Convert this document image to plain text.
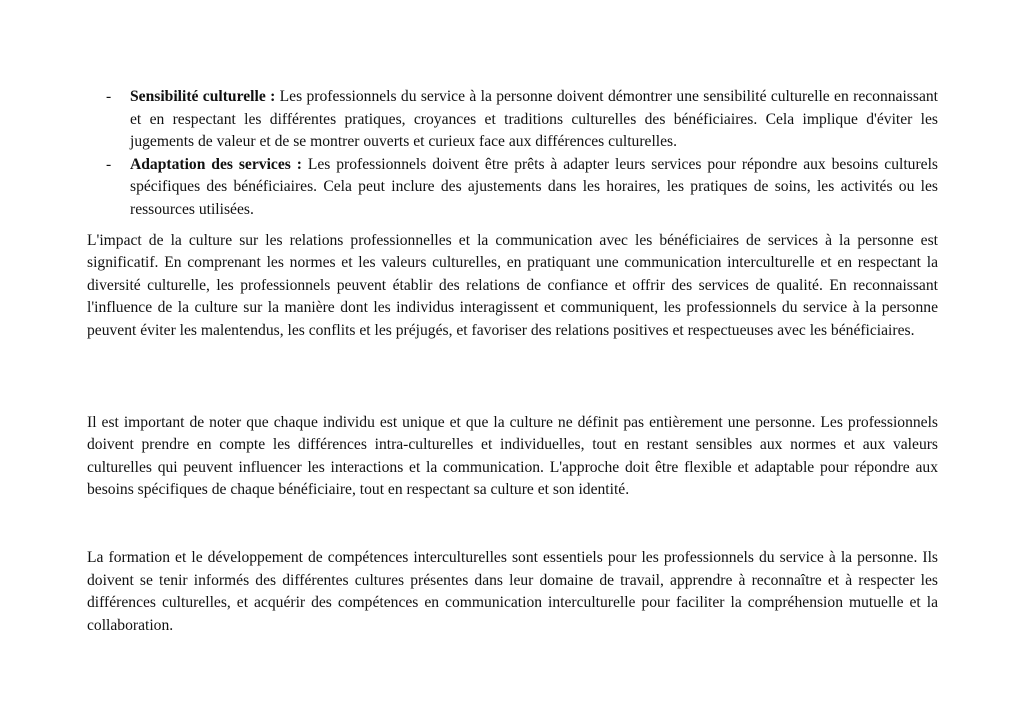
- Sensibilité culturelle : Les professionnels du service à la personne doivent démontrer une sensibilité culturelle en reconnaissant et en respectant les différentes pratiques, croyances et traditions culturelles des bénéficiaires. Cela implique d'éviter les jugements de valeur et de se montrer ouverts et curieux face aux différences culturelles.
- Adaptation des services : Les professionnels doivent être prêts à adapter leurs services pour répondre aux besoins culturels spécifiques des bénéficiaires. Cela peut inclure des ajustements dans les horaires, les pratiques de soins, les activités ou les ressources utilisées.

L'impact de la culture sur les relations professionnelles et la communication avec les bénéficiaires de services à la personne est significatif. En comprenant les normes et les valeurs culturelles, en pratiquant une communication interculturelle et en respectant la diversité culturelle, les professionnels peuvent établir des relations de confiance et offrir des services de qualité. En reconnaissant l'influence de la culture sur la manière dont les individus interagissent et communiquent, les professionnels du service à la personne peuvent éviter les malentendus, les conflits et les préjugés, et favoriser des relations positives et respectueuses avec les bénéficiaires.

Il est important de noter que chaque individu est unique et que la culture ne définit pas entièrement une personne. Les professionnels doivent prendre en compte les différences intra-culturelles et individuelles, tout en restant sensibles aux normes et aux valeurs culturelles qui peuvent influencer les interactions et la communication. L'approche doit être flexible et adaptable pour répondre aux besoins spécifiques de chaque bénéficiaire, tout en respectant sa culture et son identité.

La formation et le développement de compétences interculturelles sont essentiels pour les professionnels du service à la personne. Ils doivent se tenir informés des différentes cultures présentes dans leur domaine de travail, apprendre à reconnaître et à respecter les différences culturelles, et acquérir des compétences en communication interculturelle pour faciliter la compréhension mutuelle et la collaboration.
